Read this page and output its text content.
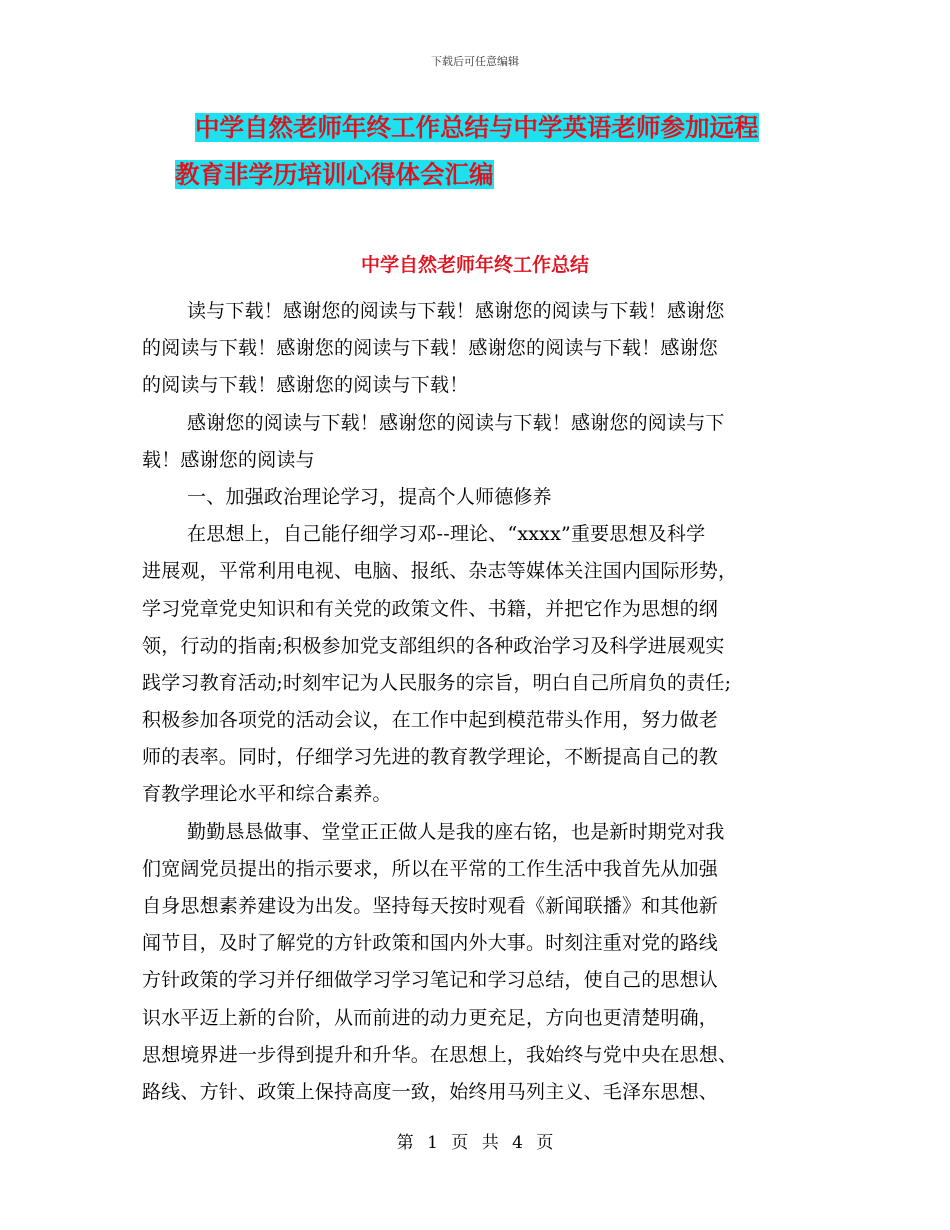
下载后可任意编辑
中学自然老师年终工作总结与中学英语老师参加远程
教育非学历培训心得体会汇编
中学自然老师年终工作总结
读与下载！感谢您的阅读与下载！感谢您的阅读与下载！感谢您
的阅读与下载！感谢您的阅读与下载！感谢您的阅读与下载！感谢您
的阅读与下载！感谢您的阅读与下载！
感谢您的阅读与下载！感谢您的阅读与下载！感谢您的阅读与下
载！感谢您的阅读与
一、加强政治理论学习，提高个人师德修养
在思想上，自己能仔细学习邓--理论、“xxxx”重要思想及科学
进展观，平常利用电视、电脑、报纸、杂志等媒体关注国内国际形势，
学习党章党史知识和有关党的政策文件、书籍，并把它作为思想的纲
领，行动的指南;积极参加党支部组织的各种政治学习及科学进展观实
践学习教育活动;时刻牢记为人民服务的宗旨，明白自己所肩负的责任;
积极参加各项党的活动会议，在工作中起到模范带头作用，努力做老
师的表率。同时，仔细学习先进的教育教学理论，不断提高自己的教
育教学理论水平和综合素养。
勤勤恳恳做事、堂堂正正做人是我的座右铭，也是新时期党对我
们宽阔党员提出的指示要求，所以在平常的工作生活中我首先从加强
自身思想素养建设为出发。坚持每天按时观看《新闻联播》和其他新
闻节目，及时了解党的方针政策和国内外大事。时刻注重对党的路线
方针政策的学习并仔细做学习学习笔记和学习总结，使自己的思想认
识水平迈上新的台阶，从而前进的动力更充足，方向也更清楚明确，
思想境界进一步得到提升和升华。在思想上，我始终与党中央在思想、
路线、方针、政策上保持高度一致，始终用马列主义、毛泽东思想、
第 1 页 共 4 页
